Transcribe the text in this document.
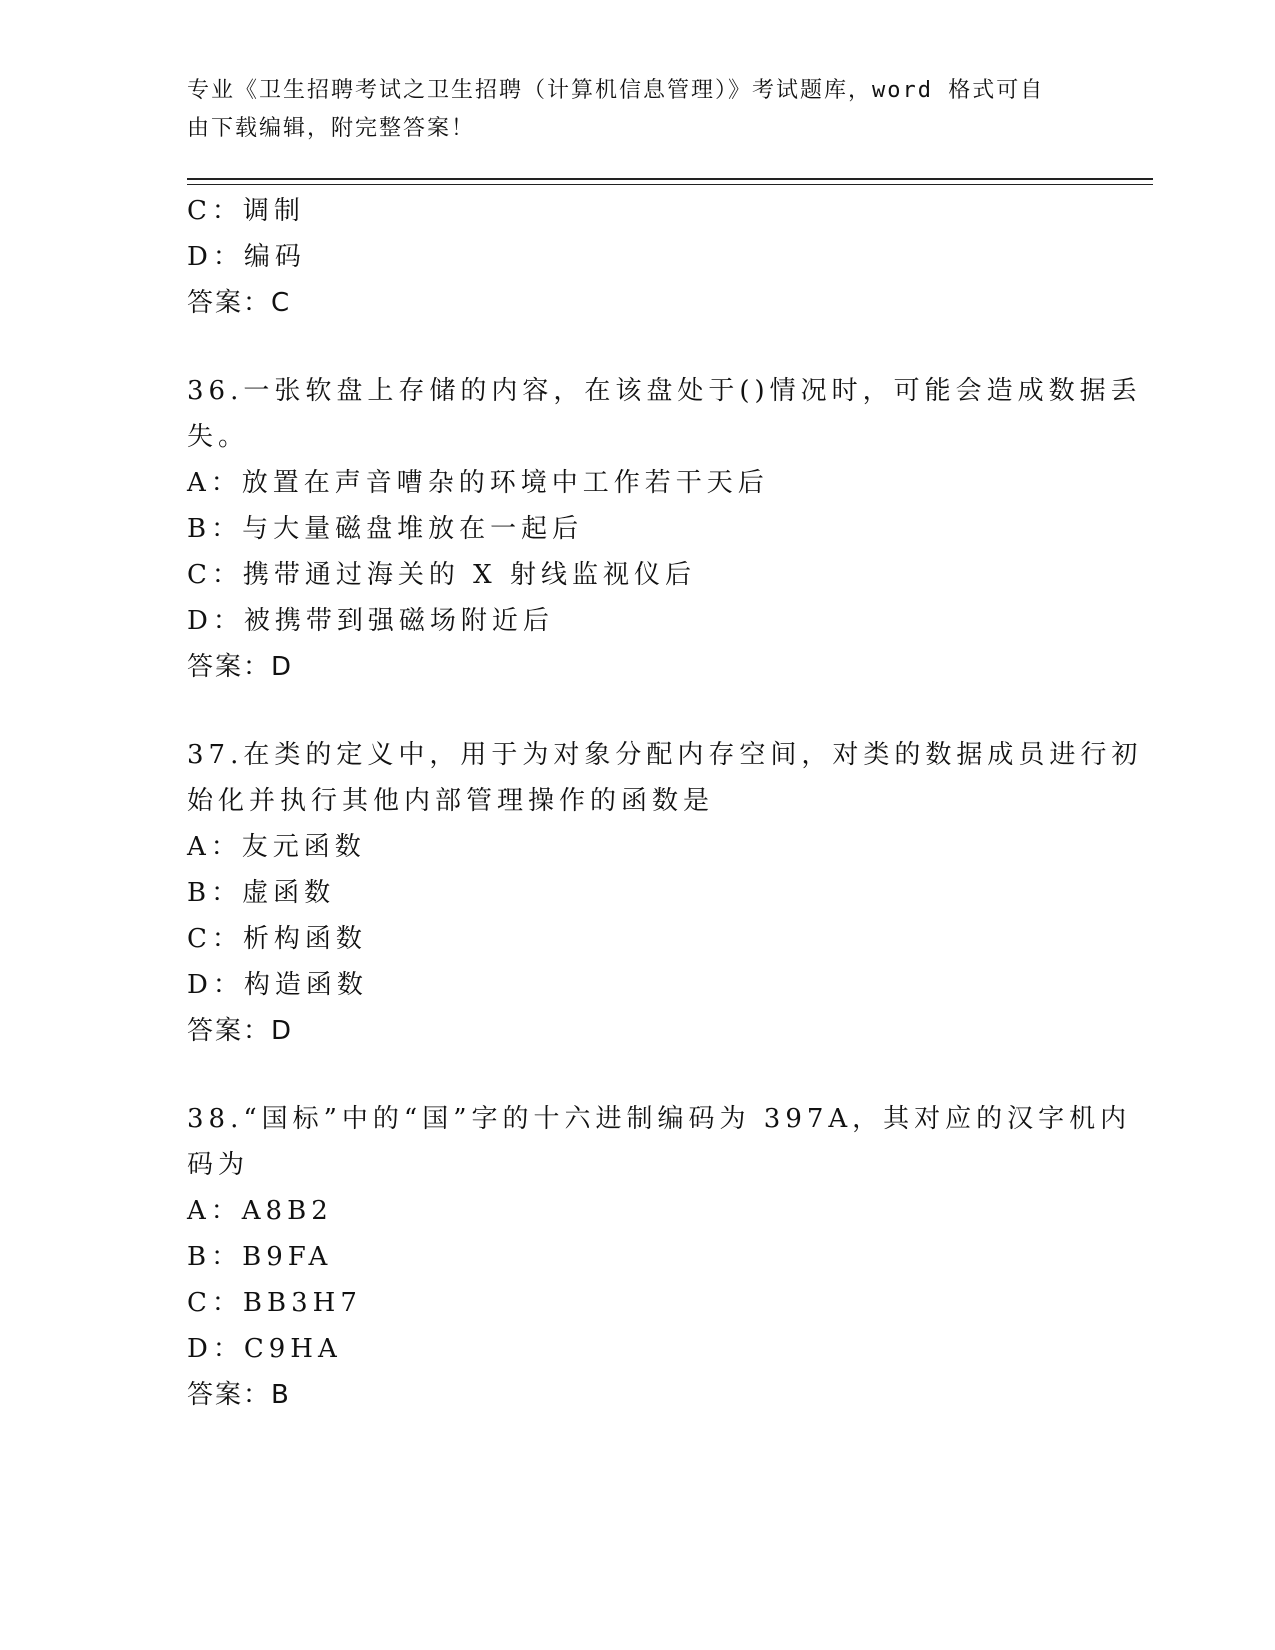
专业《卫生招聘考试之卫生招聘（计算机信息管理）》考试题库，word 格式可自
由下载编辑，附完整答案！
C：调制
D：编码
答案：C
36.一张软盘上存储的内容，在该盘处于()情况时，可能会造成数据丢
失。
A：放置在声音嘈杂的环境中工作若干天后
B：与大量磁盘堆放在一起后
C：携带通过海关的 X 射线监视仪后
D：被携带到强磁场附近后
答案：D
37.在类的定义中，用于为对象分配内存空间，对类的数据成员进行初
始化并执行其他内部管理操作的函数是
A：友元函数
B：虚函数
C：析构函数
D：构造函数
答案：D
38.“国标”中的“国”字的十六进制编码为 397A，其对应的汉字机内
码为
A：A8B2
B：B9FA
C：BB3H7
D：C9HA
答案：B
